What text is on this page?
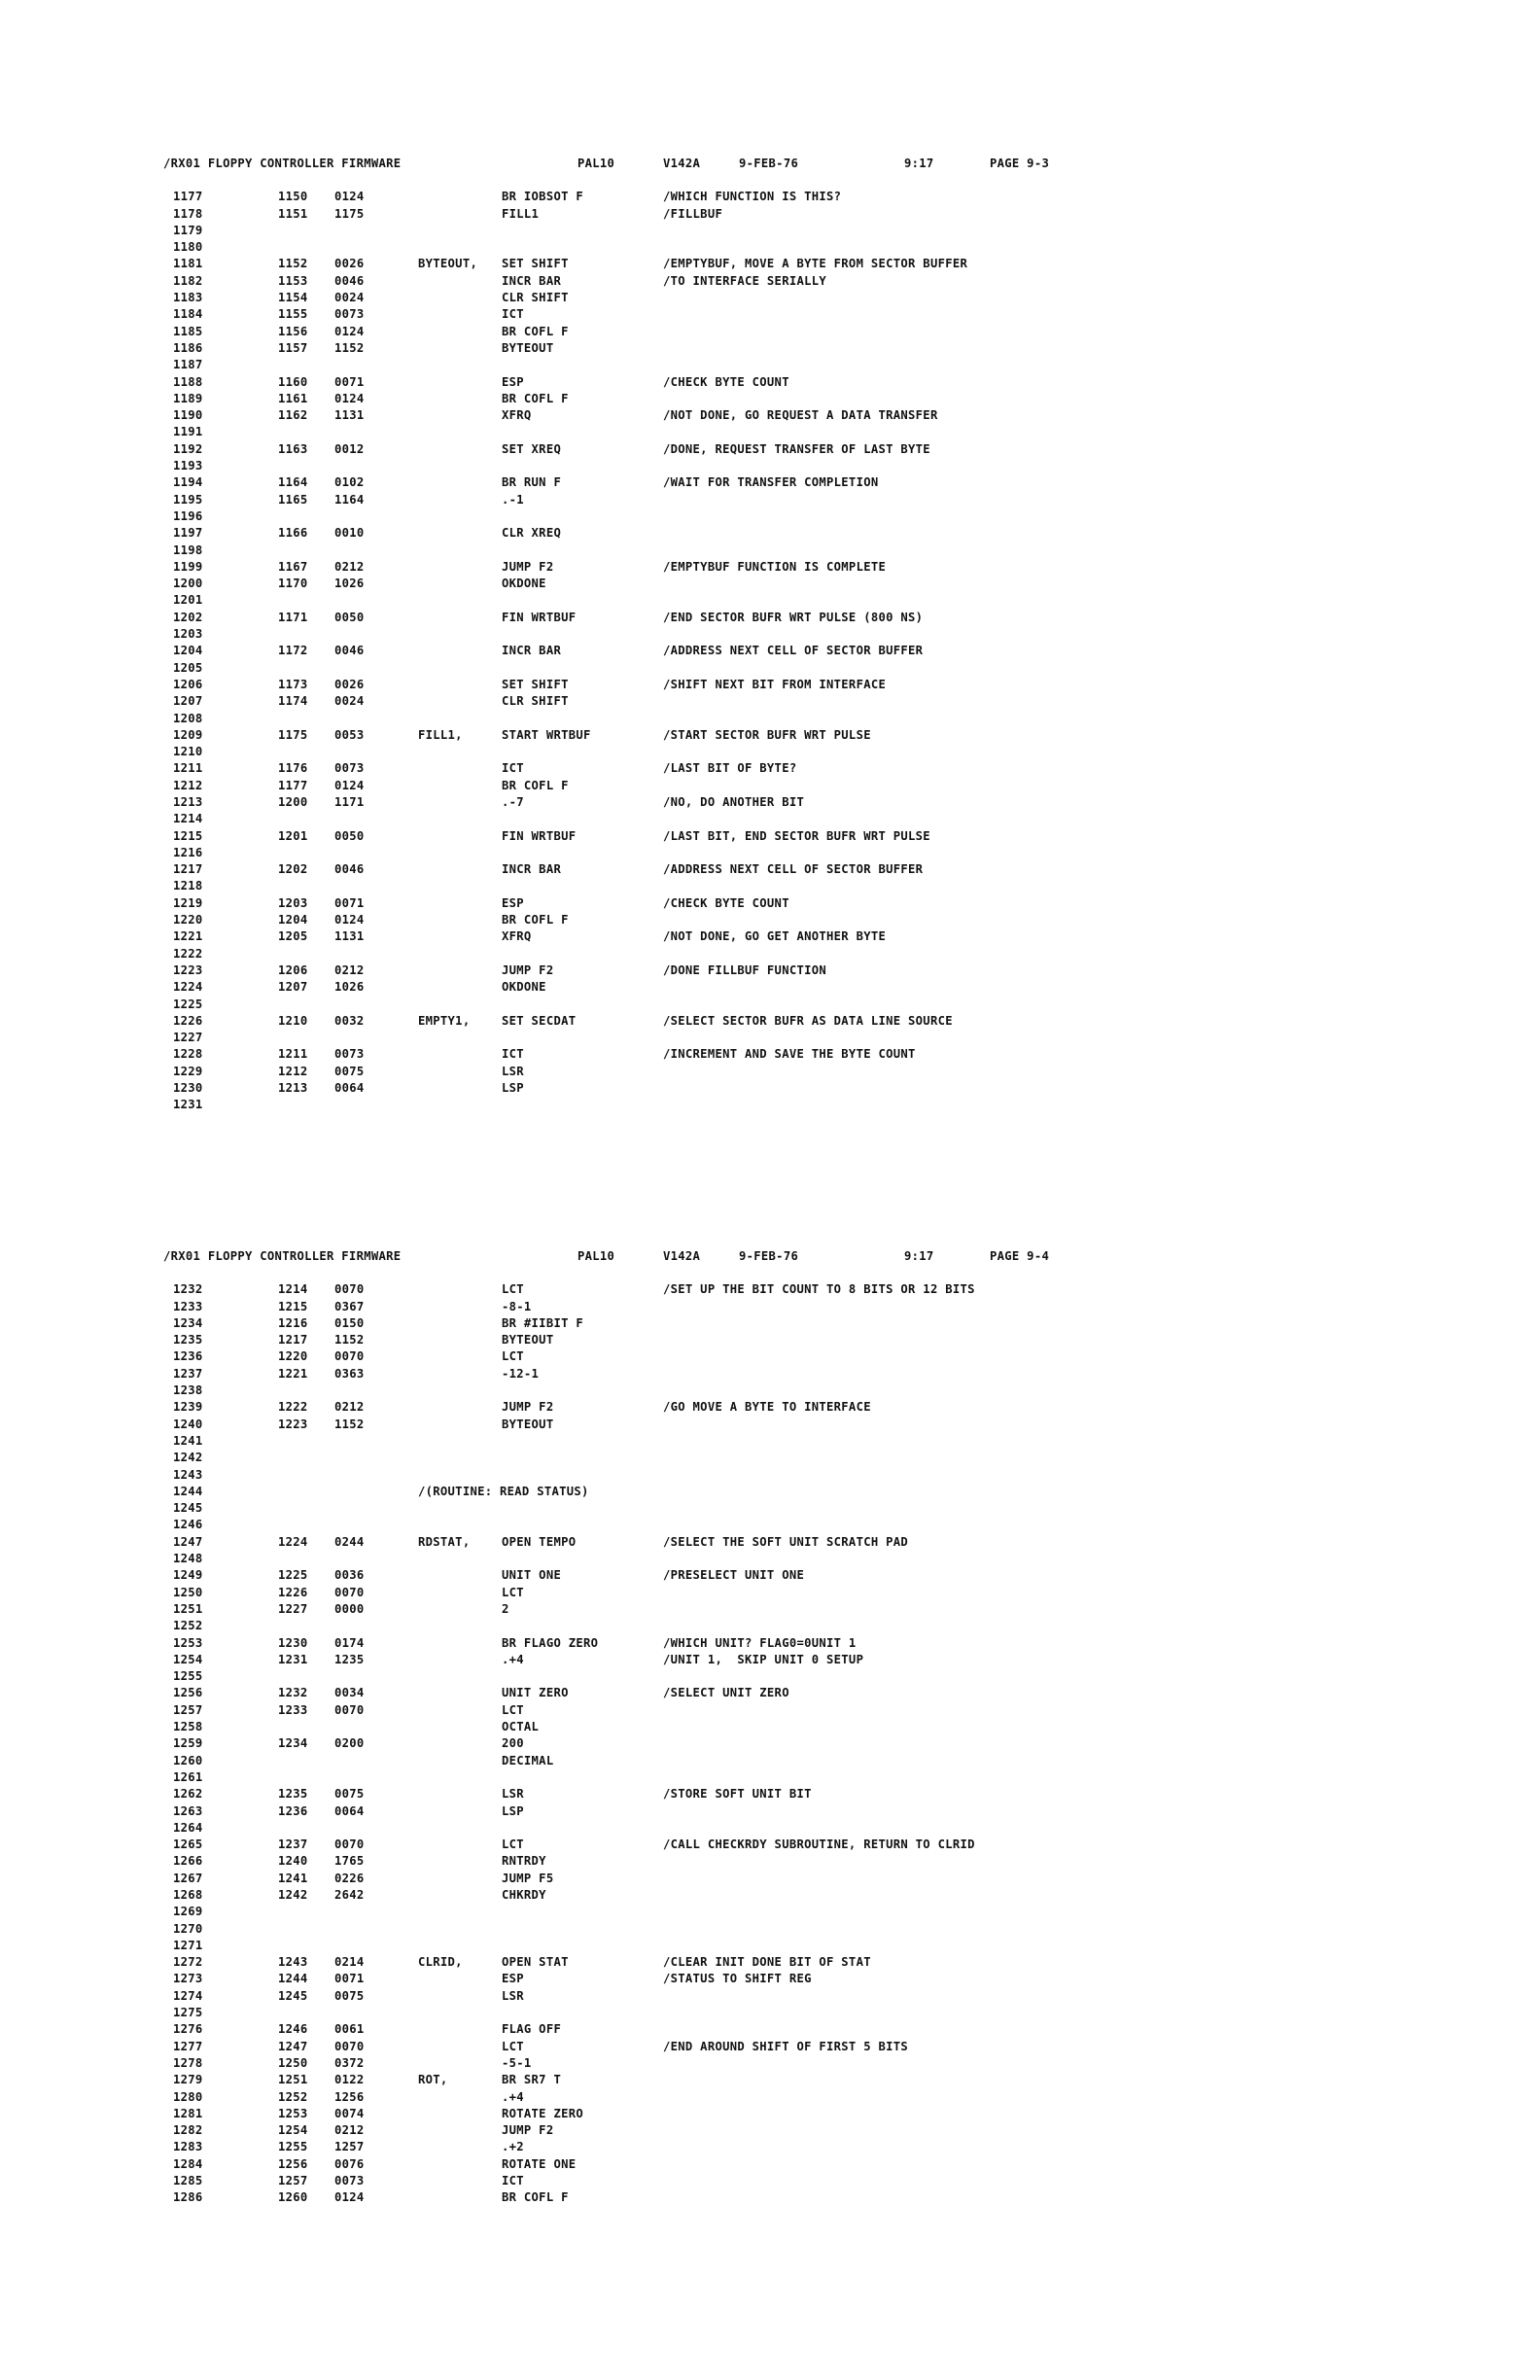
/RX01 FLOPPY CONTROLLER FIRMWARE

	PAL10

	V142A

	9-FEB-76

	9:17

	PAGE 9-3

1177	1150 0124	BR IOBSOT F	/WHICH FUNCTION IS THIS?
1178	1151 1175	FILL1	/FILLBUF
1179
1180
1181	1152 0026	BYTEOUT, SET SHIFT	/EMPTYBUF, MOVE A BYTE FROM SECTOR BUFFER
1182	1153 0046	INCR BAR	/TO INTERFACE SERIALLY
1183	1154 0024	CLR SHIFT
1184	1155 0073	ICT
1185	1156 0124	BR COFL F
1186	1157 1152	BYTEOUT
1187
1188	1160 0071	ESP	/CHECK BYTE COUNT
1189	1161 0124	BR COFL F
1190	1162 1131	XFRQ	/NOT DONE, GO REQUEST A DATA TRANSFER
1191
1192	1163 0012	SET XREQ	/DONE, REQUEST TRANSFER OF LAST BYTE
1193
1194	1164 0102	BR RUN F	/WAIT FOR TRANSFER COMPLETION
1195	1165 1164	.-1
1196
1197	1166 0010	CLR XREQ
1198
1199	1167 0212	JUMP F2	/EMPTYBUF FUNCTION IS COMPLETE
1200	1170 1026	OKDONE
1201
1202	1171 0050	FIN WRTBUF	/END SECTOR BUFR WRT PULSE (800 NS)
1203
1204	1172 0046	INCR BAR	/ADDRESS NEXT CELL OF SECTOR BUFFER
1205
1206	1173 0026	SET SHIFT	/SHIFT NEXT BIT FROM INTERFACE
1207	1174 0024	CLR SHIFT
1208
1209	1175 0053	FILL1,	START WRTBUF	/START SECTOR BUFR WRT PULSE
1210
1211	1176 0073	ICT	/LAST BIT OF BYTE?
1212	1177 0124	BR COFL F
1213	1200 1171	.-7	/NO, DO ANOTHER BIT
1214
1215	1201 0050	FIN WRTBUF	/LAST BIT, END SECTOR BUFR WRT PULSE
1216
1217	1202 0046	INCR BAR	/ADDRESS NEXT CELL OF SECTOR BUFFER
1218
1219	1203 0071	ESP	/CHECK BYTE COUNT
1220	1204 0124	BR COFL F
1221	1205 1131	XFRQ	/NOT DONE, GO GET ANOTHER BYTE
1222
1223	1206 0212	JUMP F2	/DONE FILLBUF FUNCTION
1224	1207 1026	OKDONE
1225
1226	1210 0032	EMPTY1,	SET SECDAT	/SELECT SECTOR BUFR AS DATA LINE SOURCE
1227
1228	1211 0073	ICT	/INCREMENT AND SAVE THE BYTE COUNT
1229	1212 0075	LSR
1230	1213 0064	LSP
1231

/RX01 FLOPPY CONTROLLER FIRMWARE

	PAL10

	V142A

	9-FEB-76

	9:17

	PAGE 9-4

1232	1214 0070	LCT	/SET UP THE BIT COUNT TO 8 BITS OR 12 BITS
1233	1215 0367	-8-1
1234	1216 0150	BR #IIBIT F
1235	1217 1152	BYTEOUT
1236	1220 0070	LCT
1237	1221 0363	-12-1
1238
1239	1222 0212	JUMP F2	/GO MOVE A BYTE TO INTERFACE
1240	1223 1152	BYTEOUT
1241
1242
1243
1244	/(ROUTINE: READ STATUS)
1245
1246
1247	1224 0244	RDSTAT,	OPEN TEMPO	/SELECT THE SOFT UNIT SCRATCH PAD
1248
1249	1225 0036	UNIT ONE	/PRESELECT UNIT ONE
1250	1226 0070	LCT
1251	1227 0000	2
1252
1253	1230 0174	BR FLAGO ZERO	/WHICH UNIT? FLAG0=0UNIT 1
1254	1231 1235	.+4	/UNIT 1,  SKIP UNIT 0 SETUP
1255
1256	1232 0034	UNIT ZERO	/SELECT UNIT ZERO
1257	1233 0070	LCT
1258	OCTAL
1259	1234 0200	200
1260	DECIMAL
1261
1262	1235 0075	LSR	/STORE SOFT UNIT BIT
1263	1236 0064	LSP
1264
1265	1237 0070	LCT	/CALL CHECKRDY SUBROUTINE, RETURN TO CLRID
1266	1240 1765	RNTRDY
1267	1241 0226	JUMP F5
1268	1242 2642	CHKRDY
1269
1270
1271
1272	1243 0214	CLRID,	OPEN STAT	/CLEAR INIT DONE BIT OF STAT
1273	1244 0071	ESP	/STATUS TO SHIFT REG
1274	1245 0075	LSR
1275
1276	1246 0061	FLAG OFF
1277	1247 0070	LCT	/END AROUND SHIFT OF FIRST 5 BITS
1278	1250 0372	-5-1
1279	1251 0122	ROT,	BR SR7 T
1280	1252 1256	.+4
1281	1253 0074	ROTATE ZERO
1282	1254 0212	JUMP F2
1283	1255 1257	.+2
1284	1256 0076	ROTATE ONE
1285	1257 0073	ICT
1286	1260 0124	BR COFL F
